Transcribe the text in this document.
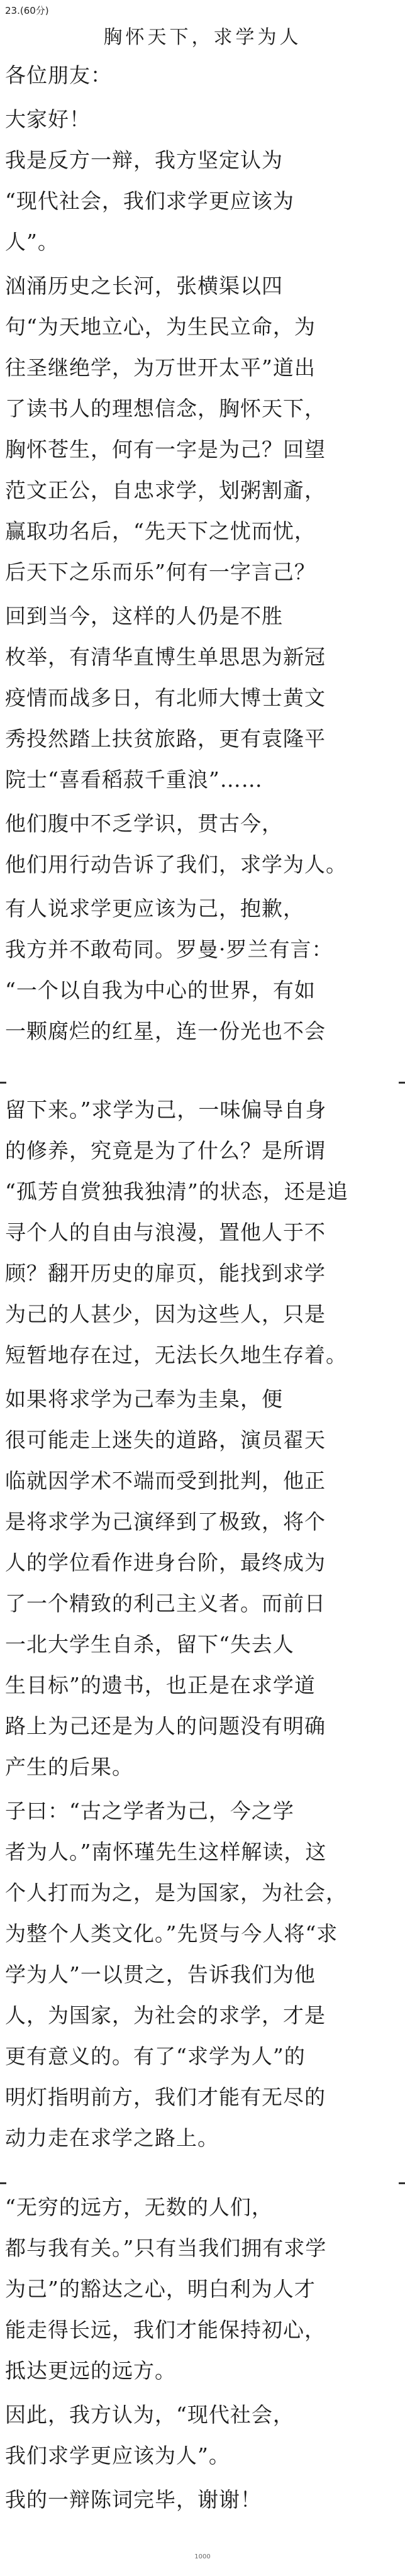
23.(60分)
胸怀天下，求学为人
各位朋友：
大家好！
我是反方一辩，我方坚定认为
“现代社会，我们求学更应该为
人”。
汹涌历史之长河，张横渠以四
句“为天地立心，为生民立命，为
往圣继绝学，为万世开太平”道出
了读书人的理想信念，胸怀天下，
胸怀苍生，何有一字是为己？回望
范文正公，自忠求学，划粥割齑，
赢取功名后，“先天下之忧而忧，
后天下之乐而乐”何有一字言己？
回到当今，这样的人仍是不胜
枚举，有清华直博生单思思为新冠
疫情而战多日，有北师大博士黄文
秀投然踏上扶贫旅路，更有袁隆平
院士“喜看稻菽千重浪”……
他们腹中不乏学识，贯古今，
他们用行动告诉了我们，求学为人。
有人说求学更应该为己，抱歉，
我方并不敢苟同。罗曼·罗兰有言：
“一个以自我为中心的世界，有如
一颗腐烂的红星，连一份光也不会
留下来。”求学为己，一味偏导自身
的修养，究竟是为了什么？是所谓
“孤芳自赏独我独清”的状态，还是追
寻个人的自由与浪漫，置他人于不
顾？翻开历史的扉页，能找到求学
为己的人甚少，因为这些人，只是
短暂地存在过，无法长久地生存着。
如果将求学为己奉为圭臬，便
很可能走上迷失的道路，演员翟天
临就因学术不端而受到批判，他正
是将求学为己演绎到了极致，将个
人的学位看作进身台阶，最终成为
了一个精致的利己主义者。而前日
一北大学生自杀，留下“失去人
生目标”的遗书，也正是在求学道
路上为己还是为人的问题没有明确
产生的后果。
子曰：“古之学者为己，今之学
者为人。”南怀瑾先生这样解读，这
个人打而为之，是为国家，为社会，
为整个人类文化。”先贤与今人将“求
学为人”一以贯之，告诉我们为他
人，为国家，为社会的求学，才是
更有意义的。有了“求学为人”的
明灯指明前方，我们才能有无尽的
动力走在求学之路上。
“无穷的远方，无数的人们，
都与我有关。”只有当我们拥有求学
为己”的豁达之心，明白利为人才
能走得长远，我们才能保持初心，
抵达更远的远方。
因此，我方认为，“现代社会，
我们求学更应该为人”。
我的一辩陈词完毕，谢谢！
1000
